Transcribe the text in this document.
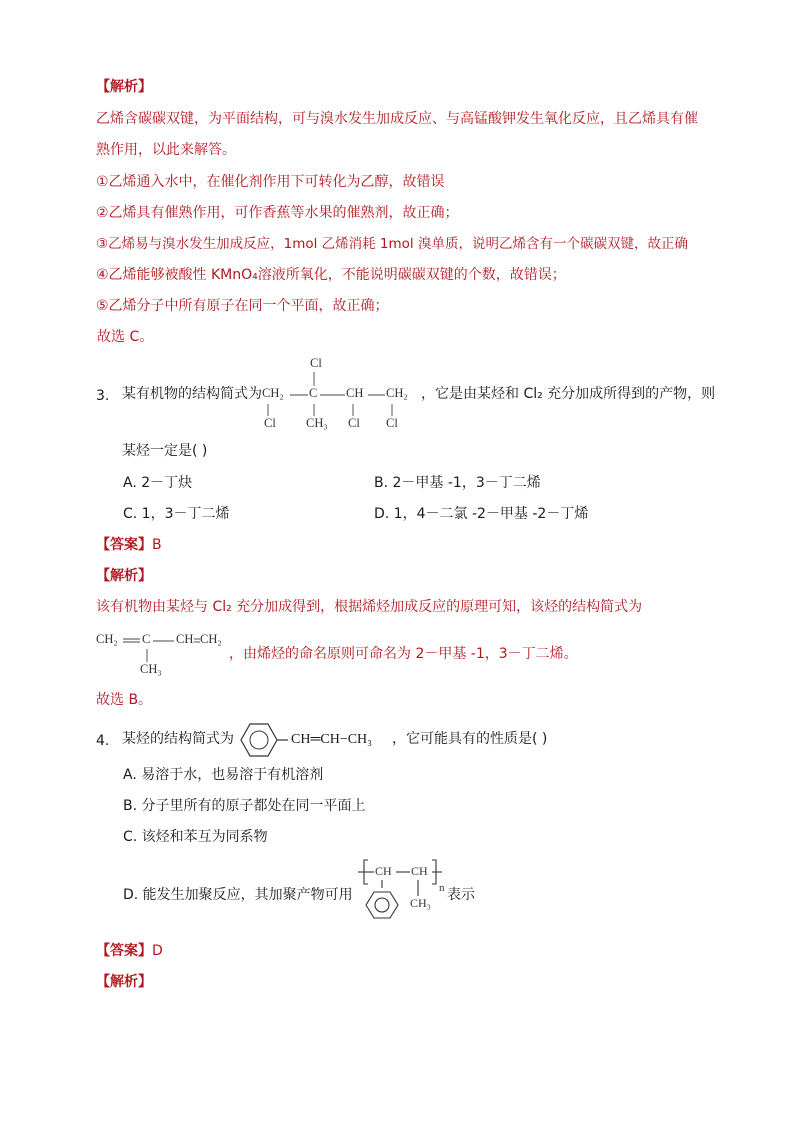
【解析】
乙烯含碳碳双键，为平面结构，可与溴水发生加成反应、与高锰酸钾发生氧化反应，且乙烯具有催
熟作用，以此来解答。
①乙烯通入水中，在催化剂作用下可转化为乙醇，故错误
②乙烯具有催熟作用，可作香蕉等水果的催熟剂，故正确；
③乙烯易与溴水发生加成反应，1mol 乙烯消耗 1mol 溴单质，说明乙烯含有一个碳碳双键，故正确
④乙烯能够被酸性 KMnO₄溶液所氧化，不能说明碳碳双键的个数，故错误；
⑤乙烯分子中所有原子在同一个平面，故正确；
故选 C。
3. 某有机物的结构简式为
Cl
CH₂ C CH CH₂
Cl CH₃ Cl Cl
，它是由某烃和 Cl₂ 充分加成所得到的产物，则
某烃一定是( )
A. 2－丁炔	B. 2－甲基 -1，3－丁二烯
C. 1，3－丁二烯	D. 1，4－二氯 -2－甲基 -2－丁烯
【答案】B
【解析】
该有机物由某烃与 Cl₂ 充分加成得到，根据烯烃加成反应的原理可知，该烃的结构简式为
CH₂ C CH CH₂
CH₃
，由烯烃的命名原则可命名为 2－甲基 -1，3－丁二烯。
故选 B。
4. 某烃的结构简式为	CH═CH−CH₃ ，它可能具有的性质是( )
A. 易溶于水，也易溶于有机溶剂
B. 分子里所有的原子都处在同一平面上
C. 该烃和苯互为同系物
D. 能发生加聚反应，其加聚产物可用
CH CH
CH₃
n 表示
【答案】D
【解析】
